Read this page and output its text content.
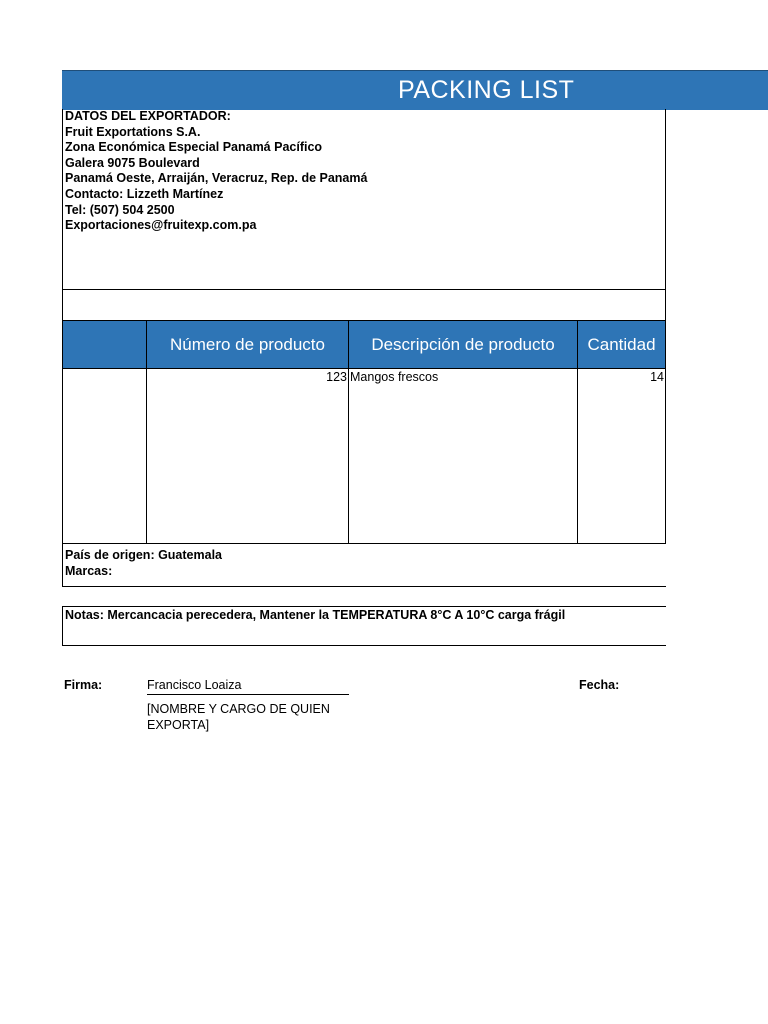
PACKING LIST
DATOS DEL EXPORTADOR:
Fruit Exportations S.A.
Zona Económica Especial Panamá Pacífico
Galera 9075 Boulevard
Panamá Oeste, Arraiján, Veracruz, Rep. de Panamá
Contacto: Lizzeth Martínez
Tel: (507) 504 2500
Exportaciones@fruitexp.com.pa
Número de producto	Descripción de producto	Cantidad
123 Mangos frescos	14
País de origen: Guatemala
Marcas:
Notas: Mercancacia perecedera, Mantener la TEMPERATURA 8°C A 10°C carga frágil
Firma:	Francisco Loaiza
[NOMBRE Y CARGO DE QUIEN EXPORTA]
Fecha:
